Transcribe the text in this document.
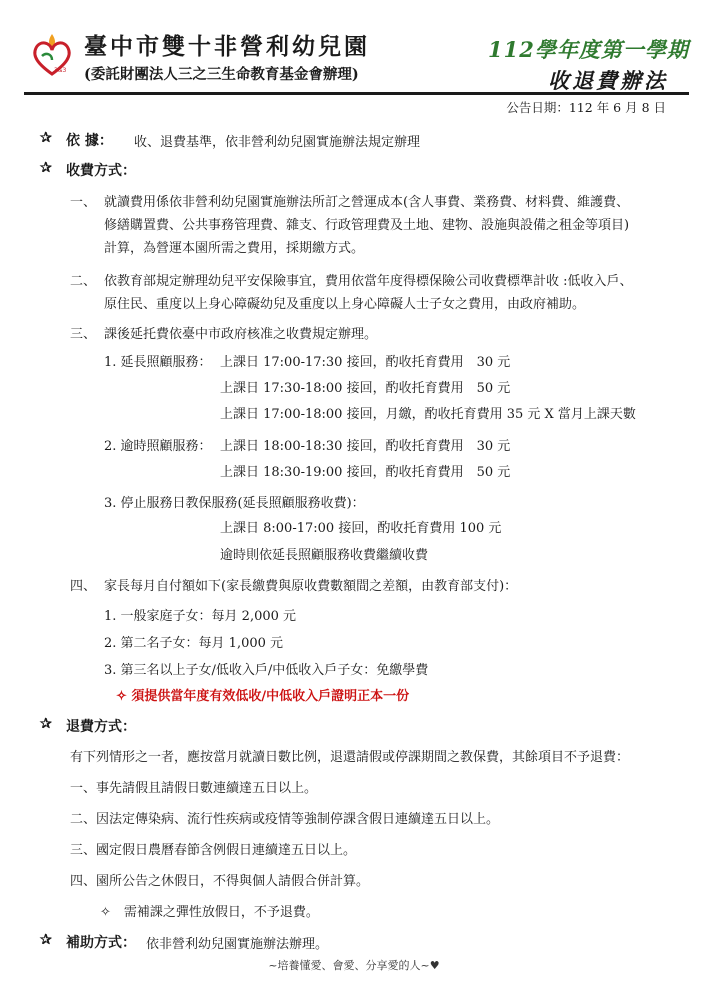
3&3
臺中市雙十非營利幼兒園
(委託財團法人三之三生命教育基金會辦理)
112學年度第一學期
收退費辦法
公告日期：112 年 6 月 8 日
✰ 依 據： 收、退費基準，依非營利幼兒園實施辦法規定辦理
✰ 收費方式：
一、 就讀費用係依非營利幼兒園實施辦法所訂之營運成本(含人事費、業務費、材料費、維護費、
修繕購置費、公共事務管理費、雜支、行政管理費及土地、建物、設施與設備之租金等項目)
計算，為營運本園所需之費用，採期繳方式。
二、 依教育部規定辦理幼兒平安保險事宜，費用依當年度得標保險公司收費標準計收 :低收入戶、
原住民、重度以上身心障礙幼兒及重度以上身心障礙人士子女之費用，由政府補助。
三、 課後延托費依臺中市政府核准之收費規定辦理。
1. 延長照顧服務： 上課日 17:00-17:30 接回，酌收托育費用　30 元
上課日 17:30-18:00 接回，酌收托育費用　50 元
上課日 17:00-18:00 接回，月繳，酌收托育費用 35 元 X 當月上課天數
2. 逾時照顧服務： 上課日 18:00-18:30 接回，酌收托育費用　30 元
上課日 18:30-19:00 接回，酌收托育費用　50 元
3. 停止服務日教保服務(延長照顧服務收費)：
上課日 8:00-17:00 接回，酌收托育費用 100 元
逾時則依延長照顧服務收費繼續收費
四、 家長每月自付額如下(家長繳費與原收費數額間之差額，由教育部支付)：
1. 一般家庭子女：每月 2,000 元
2. 第二名子女：每月 1,000 元
3. 第三名以上子女/低收入戶/中低收入戶子女：免繳學費
✧ 須提供當年度有效低收/中低收入戶證明正本一份
✰ 退費方式：
有下列情形之一者，應按當月就讀日數比例，退還請假或停課期間之教保費，其餘項目不予退費：
一、事先請假且請假日數連續達五日以上。
二、因法定傳染病、流行性疾病或疫情等強制停課含假日連續達五日以上。
三、國定假日農曆春節含例假日連續達五日以上。
四、園所公告之休假日，不得與個人請假合併計算。
✧　需補課之彈性放假日，不予退費。
✰ 補助方式： 依非營利幼兒園實施辦法辦理。
~培養懂愛、會愛、分享愛的人~♥
